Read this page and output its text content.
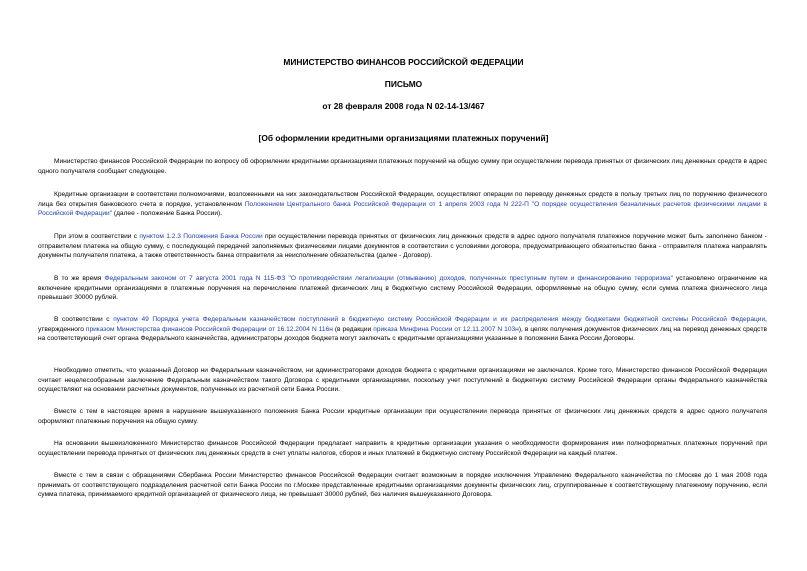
МИНИСТЕРСТВО ФИНАНСОВ РОССИЙСКОЙ ФЕДЕРАЦИИ
ПИСЬМО
от 28 февраля 2008 года N 02-14-13/467
[Об оформлении кредитными организациями платежных поручений]

Министерство финансов Российской Федерации по вопросу об оформлении кредитными организациями платежных поручений на общую сумму при осуществлении перевода принятых от физических лиц денежных средств в адрес одного получателя сообщает следующее.

Кредитные организации в соответствии полномочиями, возложенными на них законодательством Российской Федерации, осуществляют операции по переводу денежных средств в пользу третьих лиц по поручению физического лица без открытия банковского счета в порядке, установленном Положением Центрального банка Российской Федерации от 1 апреля 2003 года N 222-П "О порядке осуществления безналичных расчетов физическими лицами в Российской Федерации" (далее - положение Банка России).

При этом в соответствии с пунктом 1.2.3 Положения Банка России при осуществлении перевода принятых от физических лиц денежных средств в адрес одного получателя платежное поручение может быть заполнено банком - отправителем платежа на общую сумму, с последующей передачей заполняемых физическими лицами документов в соответствии с условиями договора, предусматривающего обязательство банка - отправителя платежа направлять документы получателя платежа, а также ответственность банка отправителя за неисполнение обязательства (далее - Договор).

В то же время Федеральным законом от 7 августа 2001 года N 115-ФЗ "О противодействии легализации (отмыванию) доходов, полученных преступным путем и финансированию терроризма" установлено ограничение на включение кредитными организациями в платежные поручения на перечисление платежей физических лиц в бюджетную систему Российской Федерации, оформляемые на общую сумму, если сумма платежа физического лица превышает 30000 рублей.

В соответствии с пунктом 49 Порядка учета Федеральным казначейством поступлений в бюджетную систему Российской Федерации и их распределения между бюджетами бюджетной системы Российской Федерации, утвержденного приказом Министерства финансов Российской Федерации от 16.12.2004 N 116н (в редакции приказа Минфина России от 12.11.2007 N 103н), в целях получения документов физических лиц на перевод денежных средств на соответствующий счет органа Федерального казначейства, администраторы доходов бюджета могут заключать с кредитными организациями указанные в положении Банка России Договоры.

Необходимо отметить, что указанный Договор ни Федеральным казначейством, ни администраторами доходов бюджета с кредитными организациями не заключался. Кроме того, Министерство финансов Российской Федерации считает нецелесообразным заключение Федеральным казначейством такого Договора с кредитными организациями, поскольку учет поступлений в бюджетную систему Российской Федерации органы Федерального казначейства осуществляют на основании расчетных документов, полученных из расчетной сети Банка России.

Вместе с тем в настоящее время в нарушение вышеуказанного положения Банка России кредитные организации при осуществлении перевода принятых от физических лиц денежных средств в адрес одного получателя оформляют платежные поручения на общую сумму.

На основании вышеизложенного Министерство финансов Российской Федерации предлагает направить в кредитные организации указания о необходимости формирования ими полноформатных платежных поручений при осуществлении перевода принятых от физических лиц денежных средств в счет уплаты налогов, сборов и иных платежей в бюджетную систему Российской Федерации на каждый платеж.

Вместе с тем в связи с обращениями Сбербанка России Министерство финансов Российской Федерации считает возможным в порядке исключения Управлению Федерального казначейства по г.Москве до 1 мая 2008 года принимать от соответствующего подразделения расчетной сети Банка России по г.Москве представленные кредитными организациями документы физических лиц, сгруппированные к соответствующему платежному поручению, если сумма платежа, принимаемого кредитной организацией от физического лица, не превышает 30000 рублей, без наличия вышеуказанного Договора.
